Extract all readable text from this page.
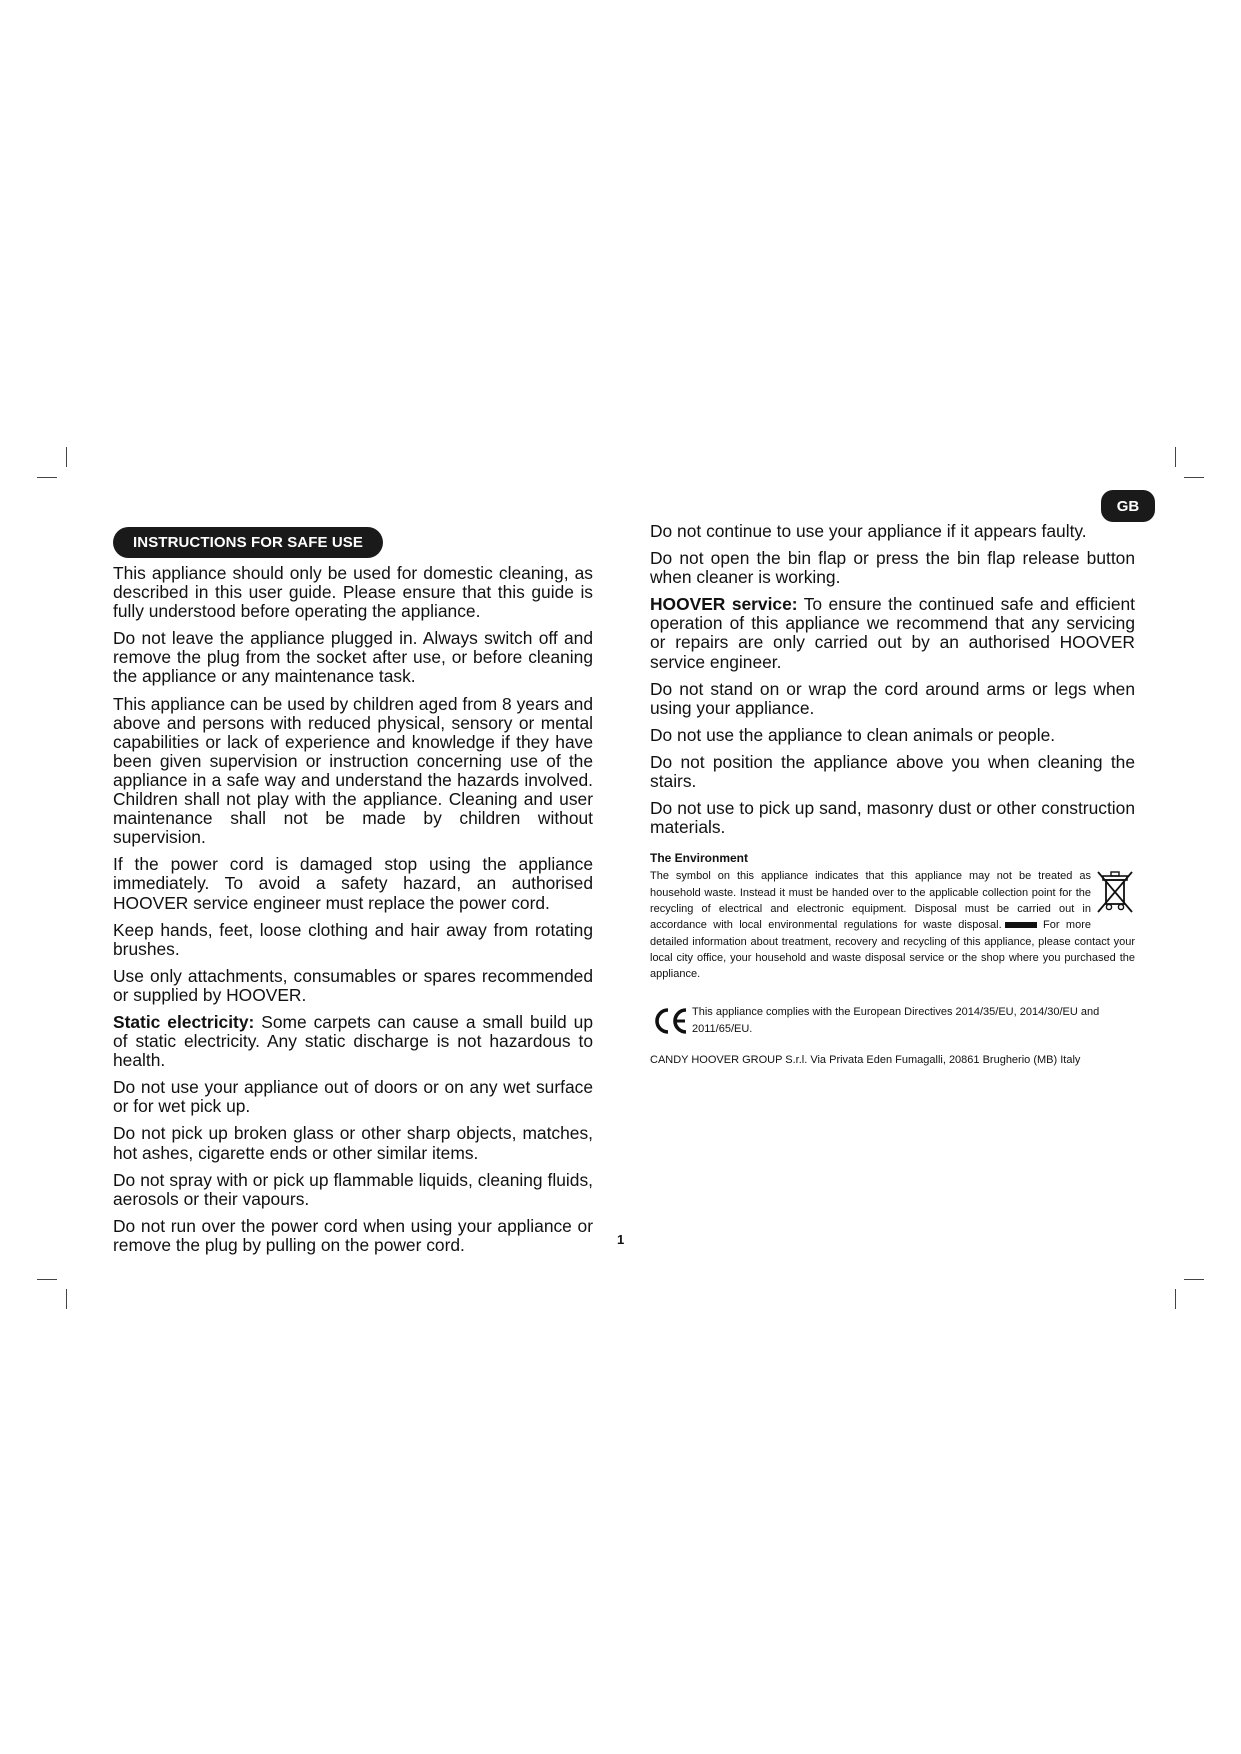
GB
INSTRUCTIONS FOR SAFE USE

This appliance should only be used for domestic cleaning, as described in this user guide. Please ensure that this guide is fully understood before operating the appliance.

Do not leave the appliance plugged in. Always switch off and remove the plug from the socket after use, or before cleaning the appliance or any maintenance task.

This appliance can be used by children aged from 8 years and above and persons with reduced physical, sensory or mental capabilities or lack of experience and knowledge if they have been given supervision or instruction concerning use of the appliance in a safe way and understand the hazards involved. Children shall not play with the appliance. Cleaning and user maintenance shall not be made by children without supervision.

If the power cord is damaged stop using the appliance immediately. To avoid a safety hazard, an authorised HOOVER service engineer must replace the power cord.

Keep hands, feet, loose clothing and hair away from rotating brushes.

Use only attachments, consumables or spares recommended or supplied by HOOVER.

Static electricity: Some carpets can cause a small build up of static electricity. Any static discharge is not hazardous to health.

Do not use your appliance out of doors or on any wet surface or for wet pick up.

Do not pick up broken glass or other sharp objects, matches, hot ashes, cigarette ends or other similar items.

Do not spray with or pick up flammable liquids, cleaning fluids, aerosols or their vapours.

Do not run over the power cord when using your appliance or remove the plug by pulling on the power cord.

Do not continue to use your appliance if it appears faulty.

Do not open the bin flap or press the bin flap release button when cleaner is working.

HOOVER service: To ensure the continued safe and efficient operation of this appliance we recommend that any servicing or repairs are only carried out by an authorised HOOVER service engineer.

Do not stand on or wrap the cord around arms or legs when using your appliance.

Do not use the appliance to clean animals or people.

Do not position the appliance above you when cleaning the stairs.

Do not use to pick up sand, masonry dust or other construction materials.

The Environment
The symbol on this appliance indicates that this appliance may not be treated as household waste. Instead it must be handed over to the applicable collection point for the recycling of electrical and electronic equipment. Disposal must be carried out in accordance with local environmental regulations for waste disposal.	For more detailed information about treatment, recovery and recycling of this appliance, please contact your local city office, your household and waste disposal service or the shop where you purchased the appliance.
This appliance complies with the European Directives 2014/35/EU, 2014/30/EU and 2011/65/EU.
CANDY HOOVER GROUP S.r.l. Via Privata Eden Fumagalli, 20861 Brugherio (MB) Italy
1
